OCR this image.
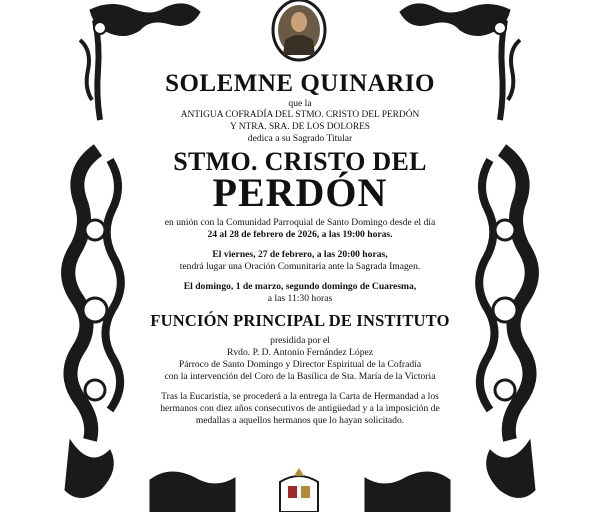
SOLEMNE QUINARIO
que la
ANTIGUA COFRADÍA DEL STMO. CRISTO DEL PERDÓN
Y NTRA. SRA. DE LOS DOLORES
dedica a su Sagrado Titular
STMO. CRISTO DEL
PERDÓN
en unión con la Comunidad Parroquial de Santo Domingo desde el día
24 al 28 de febrero de 2026, a las 19:00 horas.
El viernes, 27 de febrero, a las 20:00 horas,
tendrá lugar una Oración Comunitaria ante la Sagrada Imagen.
El domingo, 1 de marzo, segundo domingo de Cuaresma,
a las 11:30 horas
FUNCIÓN PRINCIPAL DE INSTITUTO
presidida por el
Rvdo. P. D. Antonio Fernández López
Párroco de Santo Domingo y Director Espiritual de la Cofradía
con la intervención del Coro de la Basílica de Sta. María de la Victoria
Tras la Eucaristía, se procederá a la entrega la Carta de Hermandad a los
hermanos con diez años consecutivos de antigüedad y a la imposición de
medallas a aquellos hermanos que lo hayan solicitado.
